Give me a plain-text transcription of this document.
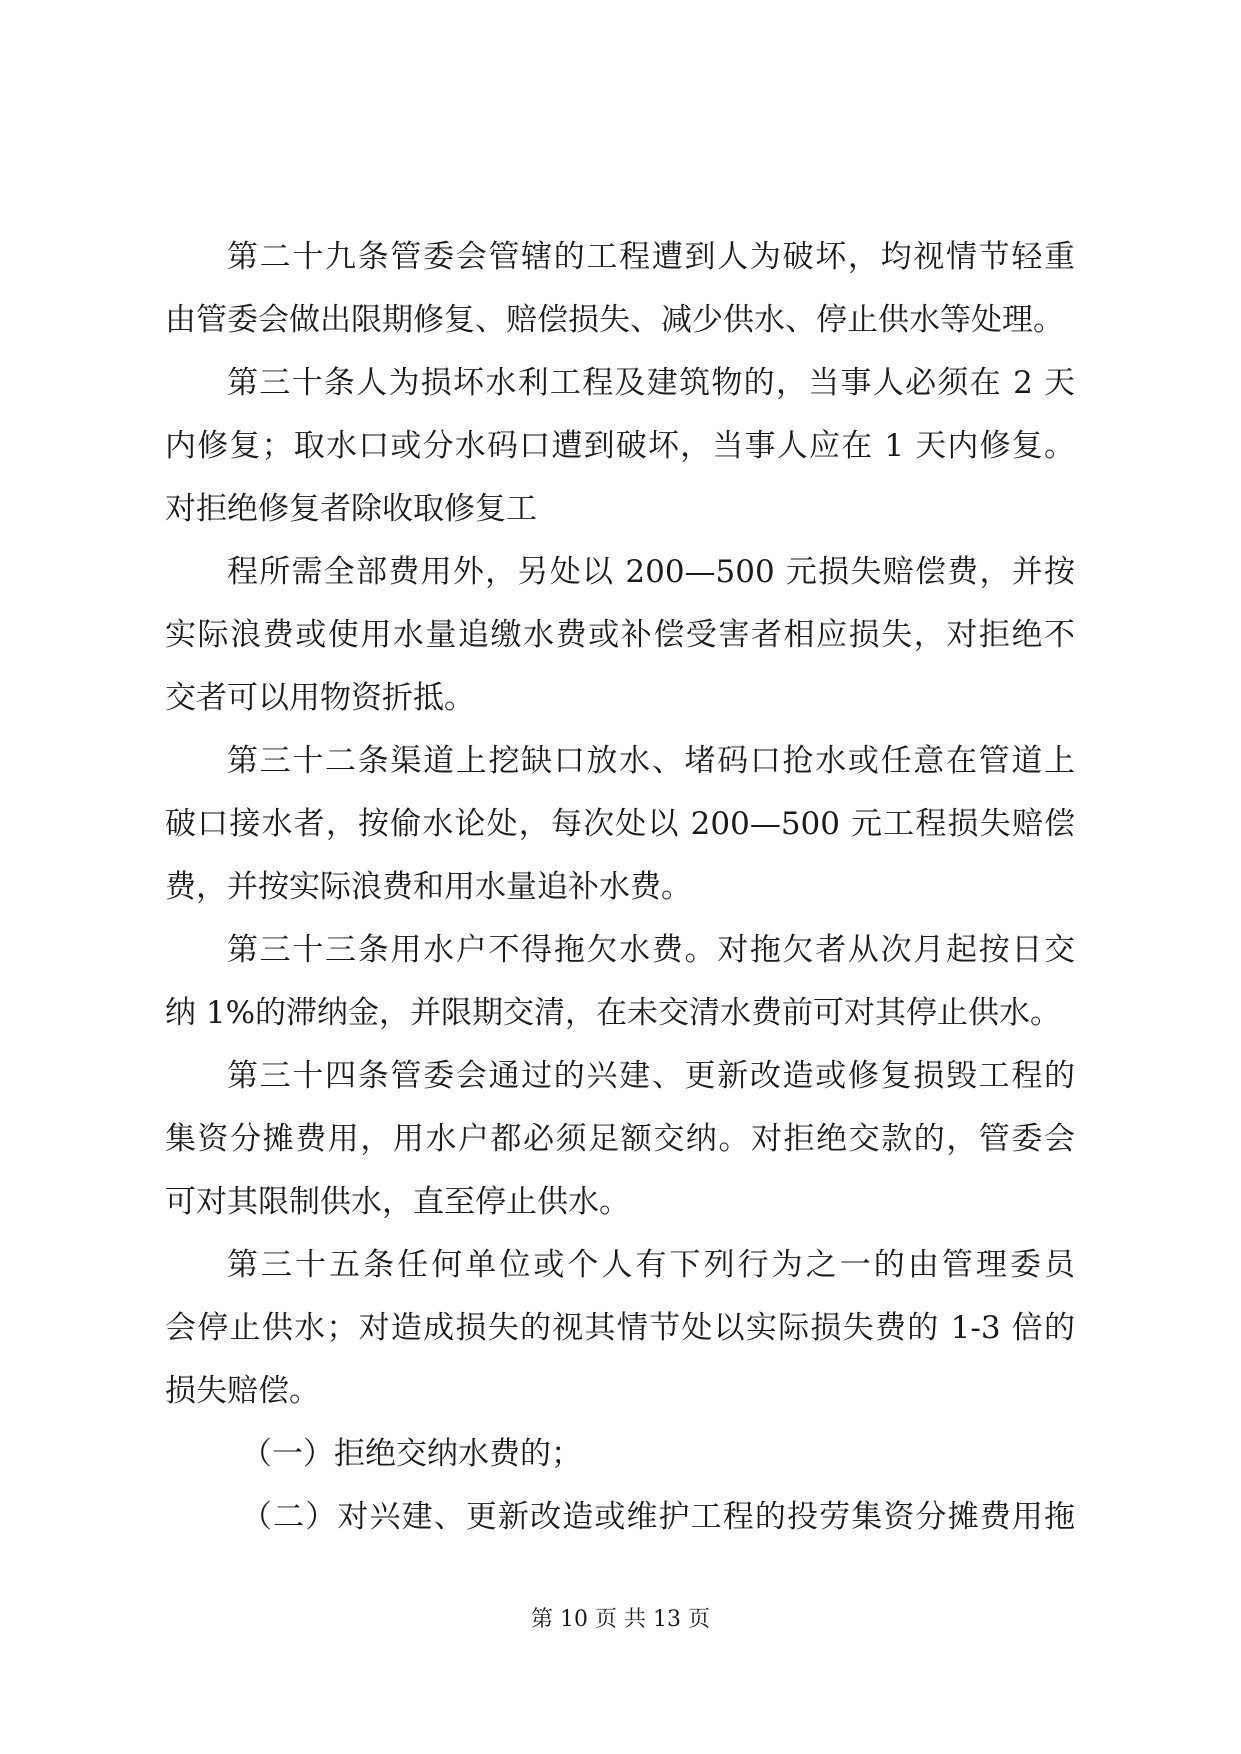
第二十九条管委会管辖的工程遭到人为破坏，均视情节轻重
由管委会做出限期修复、赔偿损失、减少供水、停止供水等处理。
第三十条人为损坏水利工程及建筑物的，当事人必须在 2 天
内修复；取水口或分水码口遭到破坏，当事人应在 1 天内修复。
对拒绝修复者除收取修复工
程所需全部费用外，另处以 200—500 元损失赔偿费，并按
实际浪费或使用水量追缴水费或补偿受害者相应损失，对拒绝不
交者可以用物资折抵。
第三十二条渠道上挖缺口放水、堵码口抢水或任意在管道上
破口接水者，按偷水论处，每次处以 200—500 元工程损失赔偿
费，并按实际浪费和用水量追补水费。
第三十三条用水户不得拖欠水费。对拖欠者从次月起按日交
纳 1%的滞纳金，并限期交清，在未交清水费前可对其停止供水。
第三十四条管委会通过的兴建、更新改造或修复损毁工程的
集资分摊费用，用水户都必须足额交纳。对拒绝交款的，管委会
可对其限制供水，直至停止供水。
第三十五条任何单位或个人有下列行为之一的由管理委员
会停止供水；对造成损失的视其情节处以实际损失费的 1-3 倍的
损失赔偿。
（一）拒绝交纳水费的；
（二）对兴建、更新改造或维护工程的投劳集资分摊费用拖
第 10 页 共 13 页
